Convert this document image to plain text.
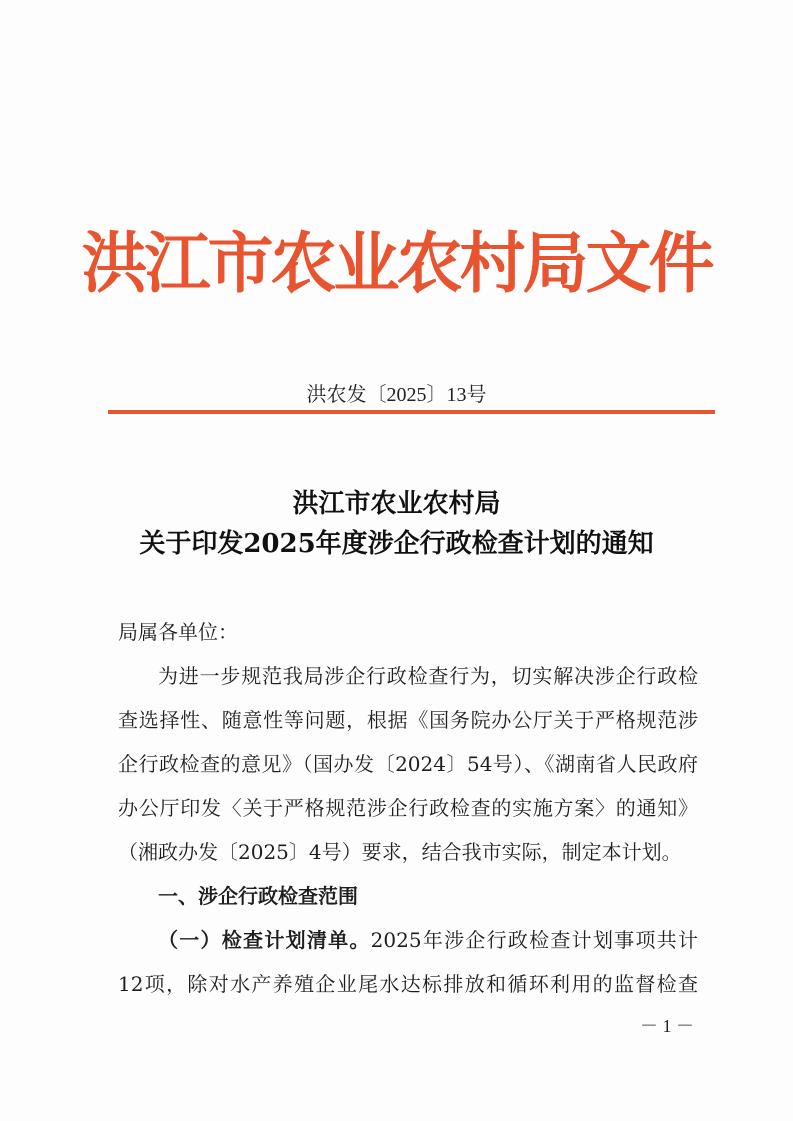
洪江市农业农村局文件
洪农发〔2025〕13号
洪江市农业农村局
关于印发2025年度涉企行政检查计划的通知
局属各单位：
为进一步规范我局涉企行政检查行为，切实解决涉企行政检
查选择性、随意性等问题，根据《国务院办公厅关于严格规范涉
企行政检查的意见》（国办发〔2024〕54号）、《湖南省人民政府
办公厅印发〈关于严格规范涉企行政检查的实施方案〉的通知》
（湘政办发〔2025〕4号）要求，结合我市实际，制定本计划。
一、涉企行政检查范围
（一）检查计划清单。2025年涉企行政检查计划事项共计
12项，除对水产养殖企业尾水达标排放和循环利用的监督检查
－ 1 －
